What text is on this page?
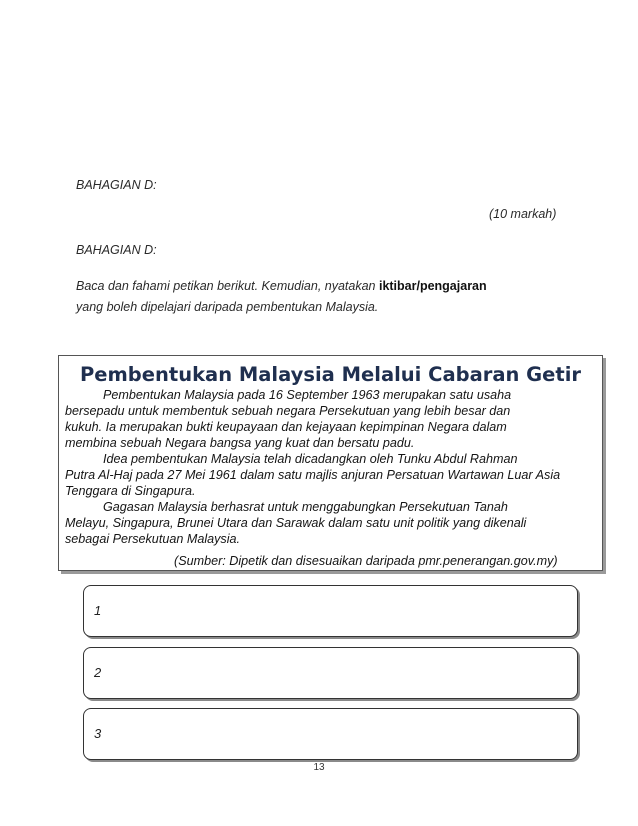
BAHAGIAN D:
(10 markah)
BAHAGIAN D:
Baca dan fahami petikan berikut. Kemudian, nyatakan iktibar/pengajaran
yang boleh dipelajari daripada pembentukan Malaysia.
Pembentukan Malaysia Melalui Cabaran Getir
Pembentukan Malaysia pada 16 September 1963 merupakan satu usaha
bersepadu untuk membentuk sebuah negara Persekutuan yang lebih besar dan
kukuh. Ia merupakan bukti keupayaan dan kejayaan kepimpinan Negara dalam
membina sebuah Negara bangsa yang kuat dan bersatu padu.
Idea pembentukan Malaysia telah dicadangkan oleh Tunku Abdul Rahman
Putra Al-Haj pada 27 Mei 1961 dalam satu majlis anjuran Persatuan Wartawan Luar Asia
Tenggara di Singapura.
Gagasan Malaysia berhasrat untuk menggabungkan Persekutuan Tanah
Melayu, Singapura, Brunei Utara dan Sarawak dalam satu unit politik yang dikenali
sebagai Persekutuan Malaysia.
(Sumber: Dipetik dan disesuaikan daripada pmr.penerangan.gov.my)
1
2
3
13
